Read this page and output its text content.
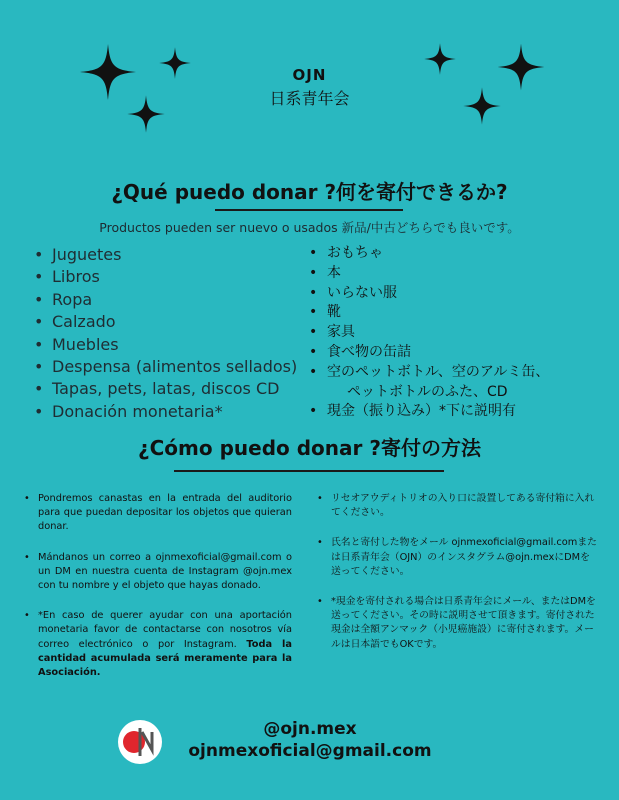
OJN
日系青年会
¿Qué puedo donar ?何を寄付できるか?
Productos pueden ser nuevo o usados 新品/中古どちらでも良いです。
• Juguetes
• Libros
• Ropa
• Calzado
• Muebles
• Despensa (alimentos sellados)
• Tapas, pets, latas, discos CD
• Donación monetaria*
• おもちゃ
• 本
• いらない服
• 靴
• 家具
• 食べ物の缶詰
• 空のペットボトル、空のアルミ缶、
ペットボトルのふた、CD
• 現金（振り込み）*下に説明有
¿Cómo puedo donar ?寄付の方法
• Pondremos canastas en la entrada del auditorio para que puedan depositar los objetos que quieran donar.
• Mándanos un correo a ojnmexoficial@gmail.com o un DM en nuestra cuenta de Instagram @ojn.mex con tu nombre y el objeto que hayas donado.
• *En caso de querer ayudar con una aportación monetaria favor de contactarse con nosotros vía correo electrónico o por Instagram. Toda la cantidad acumulada será meramente para la Asociación.
• リセオアウディトリオの入り口に設置してある寄付箱に入れてください。
• 氏名と寄付した物をメール ojnmexoficial@gmail.comまたは日系青年会（OJN）のインスタグラム@ojn.mexにDMを送ってください。
• *現金を寄付される場合は日系青年会にメール、またはDMを送ってください。その時に説明させて頂きます。寄付された現金は全額アンマック（小児癌施設）に寄付されます。メールは日本語でもOKです。
@ojn.mex
ojnmexoficial@gmail.com
